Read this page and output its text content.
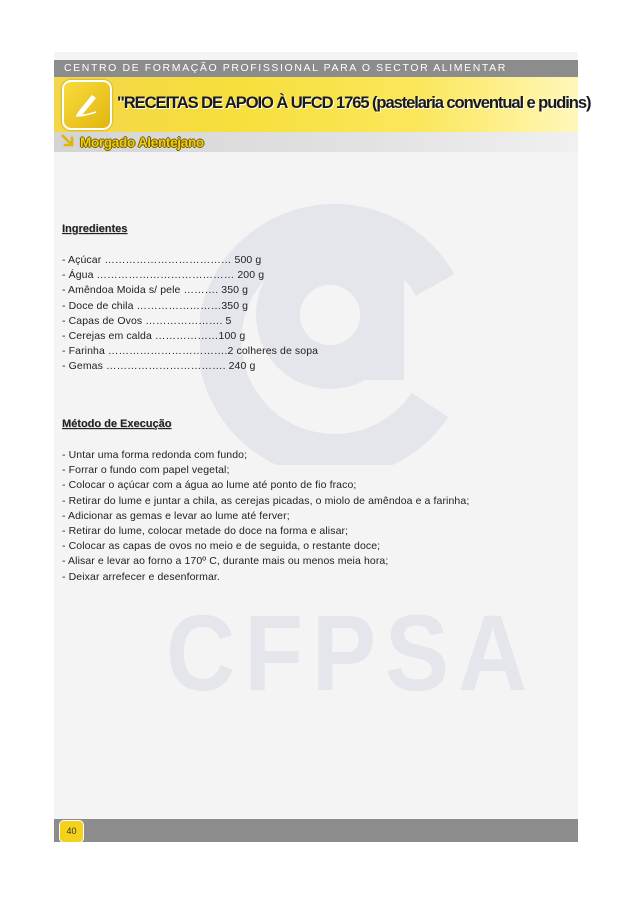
CFPSA
CENTRO DE FORMAÇÃO PROFISSIONAL PARA O SECTOR ALIMENTAR
"RECEITAS DE APOIO À UFCD 1765 (pastelaria conventual e pudins)
Morgado Alentejano
Ingredientes
- Açúcar ……………………………… 500 g
- Água ………………………………… 200 g
- Amêndoa Moida s/ pele ………. 350 g
- Doce de chila ……………………350 g
- Capas de Ovos …………………. 5
- Cerejas em calda ………………100 g
- Farinha …………………………….2 colheres de sopa
- Gemas ……………………………. 240 g
Método de Execução
- Untar uma forma redonda com fundo;
- Forrar o fundo com papel vegetal;
- Colocar o açúcar com a água ao lume até ponto de fio fraco;
- Retirar do lume e juntar a chila, as cerejas picadas, o miolo de amêndoa e a farinha;
- Adicionar as gemas e levar ao lume até ferver;
- Retirar do lume, colocar metade do doce na forma e alisar;
- Colocar as capas de ovos no meio e de seguida, o restante doce;
- Alisar e levar ao forno a 170º C, durante mais ou menos meia hora;
- Deixar arrefecer e desenformar.
40
